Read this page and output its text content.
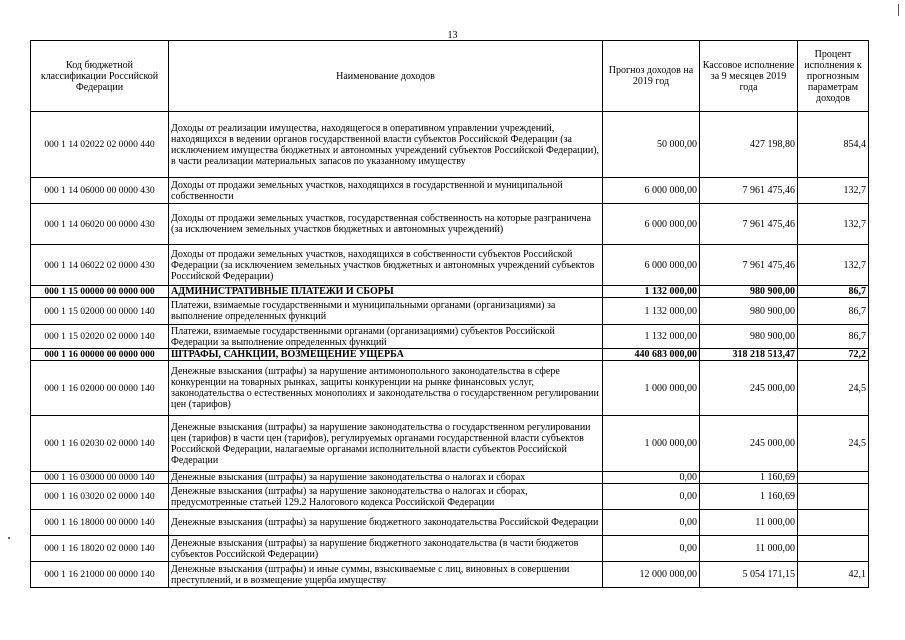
13
Код бюджетной классификации Российской Федерации	Наименование доходов	Прогноз доходов на 2019 год	Кассовое исполнение за 9 месяцев 2019 года	Процент исполнения к прогнозным параметрам доходов
000 1 14 02022 02 0000 440	Доходы от реализации имущества, находящегося в оперативном управлении учреждений, находящихся в ведении органов государственной власти субъектов Российской Федерации (за исключением имущества бюджетных и автономных учреждений субъектов Российской Федерации), в части реализации материальных запасов по указанному имуществу	50 000,00	427 198,80	854,4
000 1 14 06000 00 0000 430	Доходы от продажи земельных участков, находящихся в государственной и муниципальной собственности	6 000 000,00	7 961 475,46	132,7
000 1 14 06020 00 0000 430	Доходы от продажи земельных участков, государственная собственность на которые разграничена (за исключением земельных участков бюджетных и автономных учреждений)	6 000 000,00	7 961 475,46	132,7
000 1 14 06022 02 0000 430	Доходы от продажи земельных участков, находящихся в собственности субъектов Российской Федерации (за исключением земельных участков бюджетных и автономных учреждений субъектов Российской Федерации)	6 000 000,00	7 961 475,46	132,7
000 1 15 00000 00 0000 000	АДМИНИСТРАТИВНЫЕ ПЛАТЕЖИ И СБОРЫ	1 132 000,00	980 900,00	86,7
000 1 15 02000 00 0000 140	Платежи, взимаемые государственными и муниципальными органами (организациями) за выполнение определенных функций	1 132 000,00	980 900,00	86,7
000 1 15 02020 02 0000 140	Платежи, взимаемые государственными органами (организациями) субъектов Российской Федерации за выполнение определенных функций	1 132 000,00	980 900,00	86,7
000 1 16 00000 00 0000 000	ШТРАФЫ, САНКЦИИ, ВОЗМЕЩЕНИЕ УЩЕРБА	440 683 000,00	318 218 513,47	72,2
000 1 16 02000 00 0000 140	Денежные взыскания (штрафы) за нарушение антимонопольного законодательства в сфере конкуренции на товарных рынках, защиты конкуренции на рынке финансовых услуг, законодательства о естественных монополиях и законодательства о государственном регулировании цен (тарифов)	1 000 000,00	245 000,00	24,5
000 1 16 02030 02 0000 140	Денежные взыскания (штрафы) за нарушение законодательства о государственном регулировании цен (тарифов) в части цен (тарифов), регулируемых органами государственной власти субъектов Российской Федерации, налагаемые органами исполнительной власти субъектов Российской Федерации	1 000 000,00	245 000,00	24,5
000 1 16 03000 00 0000 140	Денежные взыскания (штрафы) за нарушение законодательства о налогах и сборах	0,00	1 160,69	
000 1 16 03020 02 0000 140	Денежные взыскания (штрафы) за нарушение законодательства о налогах и сборах, предусмотренные статьей 129.2 Налогового кодекса Российской Федерации	0,00	1 160,69	
000 1 16 18000 00 0000 140	Денежные взыскания (штрафы) за нарушение бюджетного законодательства Российской Федерации	0,00	11 000,00	
000 1 16 18020 02 0000 140	Денежные взыскания (штрафы) за нарушение бюджетного законодательства (в части бюджетов субъектов Российской Федерации)	0,00	11 000,00	
000 1 16 21000 00 0000 140	Денежные взыскания (штрафы) и иные суммы, взыскиваемые с лиц, виновных в совершении преступлений, и в возмещение ущерба имуществу	12 000 000,00	5 054 171,15	42,1
